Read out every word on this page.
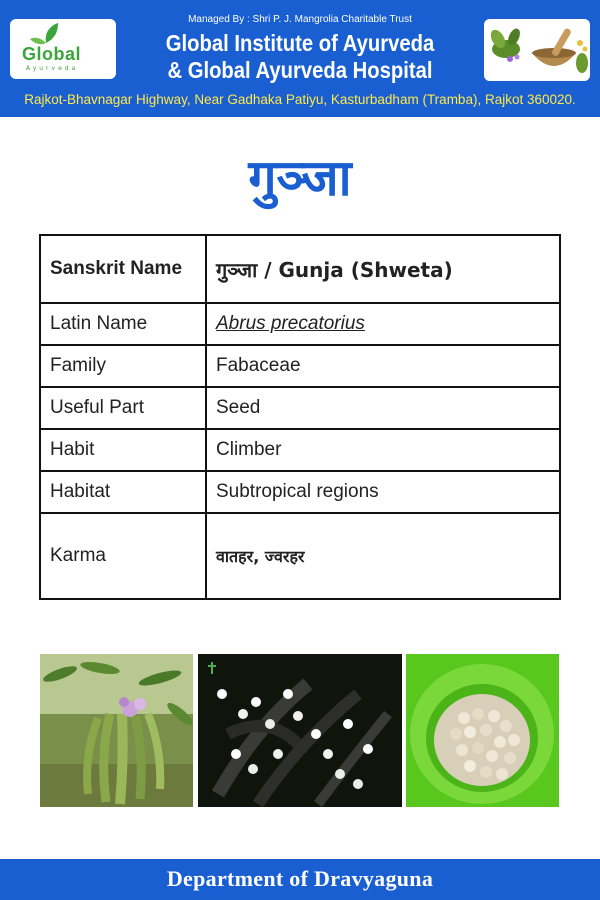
Global
Ayurveda
Managed By : Shri P. J. Mangrolia Charitable Trust
Global Institute of Ayurveda
& Global Ayurveda Hospital
Rajkot-Bhavnagar Highway, Near Gadhaka Patiyu, Kasturbadham (Tramba), Rajkot 360020.
गुञ्जा
Sanskrit Name	गुञ्जा / Gunja (Shweta)
Latin Name	Abrus precatorius
Family	Fabaceae
Useful Part	Seed
Habit	Climber
Habitat	Subtropical regions
Karma	वातहर, ज्वरहर
Department of Dravyaguna
